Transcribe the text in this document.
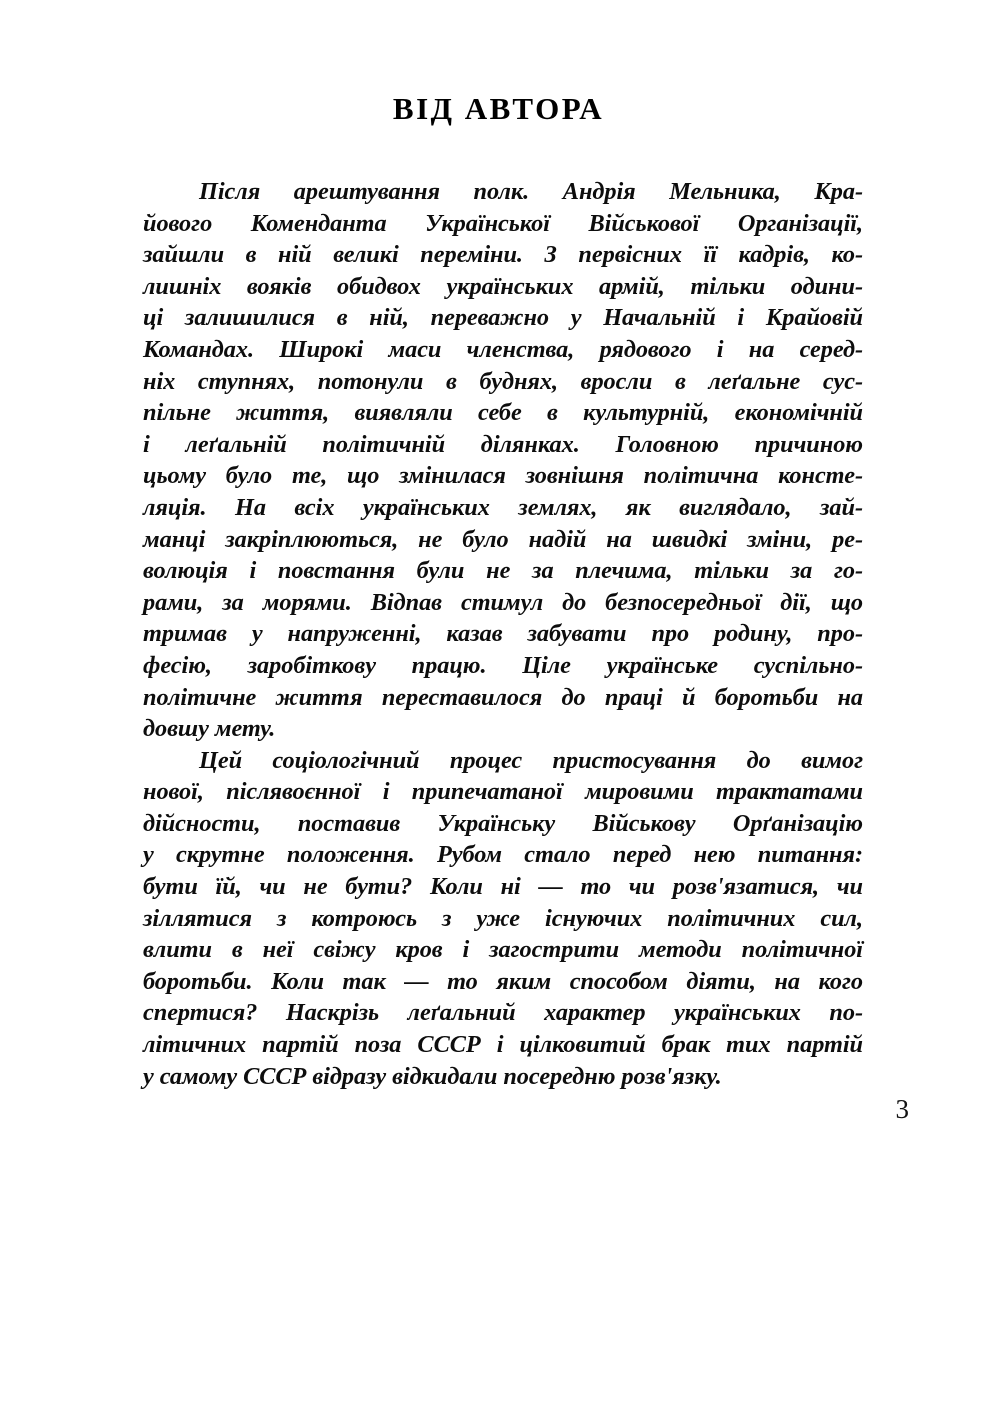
ВІД АВТОРА

Після арештування полк. Андрія Мельника, Кра-
йового Коменданта Української Військової Організації,
зайшли в ній великі переміни. З первісних її кадрів, ко-
лишніх вояків обидвох українських армій, тільки одини-
ці залишилися в ній, переважно у Начальній і Крайовій
Командах. Широкі маси членства, рядового і на серед-
ніх ступнях, потонули в буднях, вросли в леґальне сус-
пільне життя, виявляли себе в культурній, економічній
і леґальній політичній ділянках. Головною причиною
цьому було те, що змінилася зовнішня політична консте-
ляція. На всіх українських землях, як виглядало, зай-
манці закріплюються, не було надій на швидкі зміни, ре-
волюція і повстання були не за плечима, тільки за го-
рами, за морями. Відпав стимул до безпосередньої дії, що
тримав у напруженні, казав забувати про родину, про-
фесію, заробіткову працю. Ціле українське суспільно-
політичне життя переставилося до праці й боротьби на
довшу мету.

Цей соціологічний процес пристосування до вимог
нової, післявоєнної і припечатаної мировими трактатами
дійсности, поставив Українську Військову Орґанізацію
у скрутне положення. Рубом стало перед нею питання:
бути їй, чи не бути? Коли ні — то чи розв'язатися, чи
зіллятися з котроюсь з уже існуючих політичних сил,
влити в неї свіжу кров і загострити методи політичної
боротьби. Коли так — то яким способом діяти, на кого
спертися? Наскрізь леґальний характер українських по-
літичних партій поза СССР і цілковитий брак тих партій
у самому СССР відразу відкидали посередню розв'язку.

3
